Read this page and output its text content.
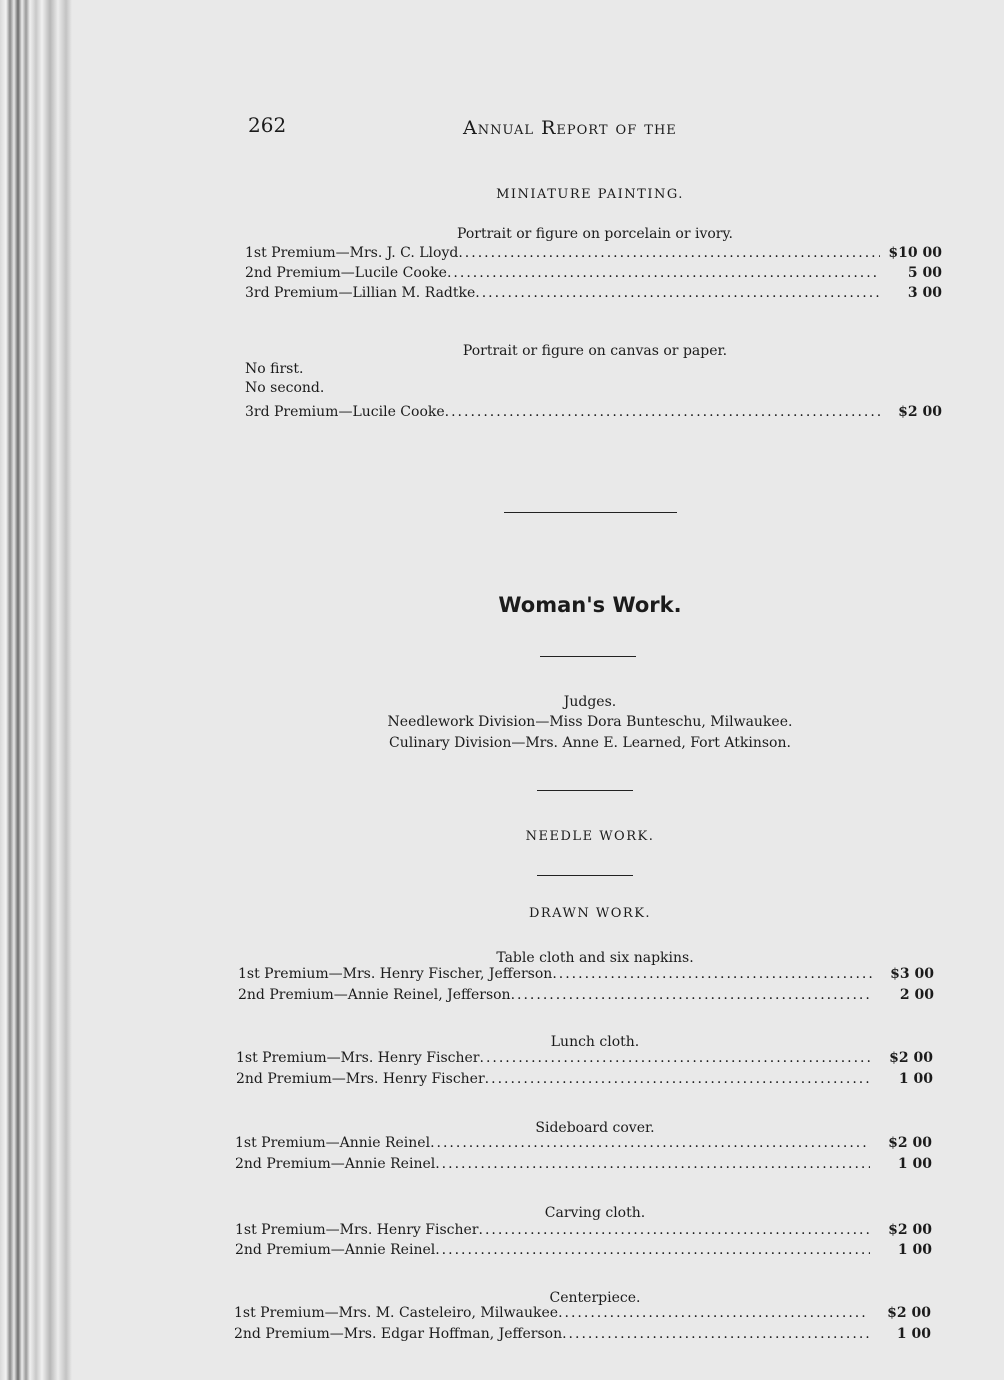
262	Annual Report of the
MINIATURE PAINTING.
Portrait or figure on porcelain or ivory.
1st Premium—Mrs. J. C. Lloyd .....	$10 00
2nd Premium—Lucile Cooke .....	5 00
3rd Premium—Lillian M. Radtke .....	3 00
Portrait or figure on canvas or paper.
No first.
No second.
3rd Premium—Lucile Cooke .....	$2 00
Woman's Work.
Judges.
Needlework Division—Miss Dora Bunteschu, Milwaukee.
Culinary Division—Mrs. Anne E. Learned, Fort Atkinson.
NEEDLE WORK.
DRAWN WORK.
Table cloth and six napkins.
1st Premium—Mrs. Henry Fischer, Jefferson .....	$3 00
2nd Premium—Annie Reinel, Jefferson .....	2 00
Lunch cloth.
1st Premium—Mrs. Henry Fischer .....	$2 00
2nd Premium—Mrs. Henry Fischer .....	1 00
Sideboard cover.
1st Premium—Annie Reinel .....	$2 00
2nd Premium—Annie Reinel .....	1 00
Carving cloth.
1st Premium—Mrs. Henry Fischer .....	$2 00
2nd Premium—Annie Reinel .....	1 00
Centerpiece.
1st Premium—Mrs. M. Casteleiro, Milwaukee .....	$2 00
2nd Premium—Mrs. Edgar Hoffman, Jefferson .....	1 00
